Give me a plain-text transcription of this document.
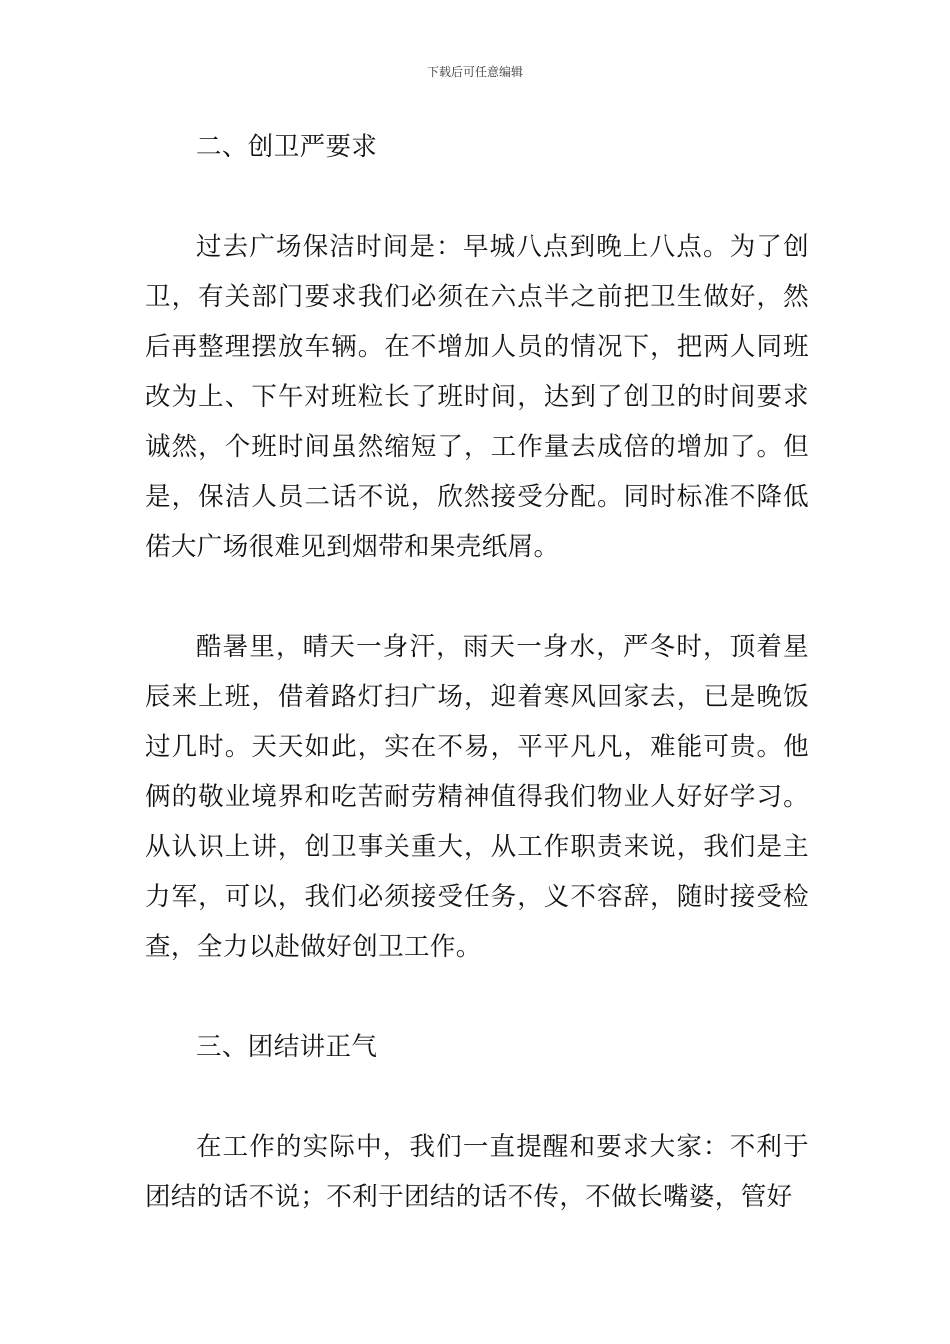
下载后可任意编辑

二、创卫严要求

过去广场保洁时间是：早城八点到晚上八点。为了创卫，有关部门要求我们必须在六点半之前把卫生做好，然后再整理摆放车辆。在不增加人员的情况下，把两人同班改为上、下午对班粒长了班时间，达到了创卫的时间要求诚然，个班时间虽然缩短了，工作量去成倍的增加了。但是，保洁人员二话不说，欣然接受分配。同时标准不降低偌大广场很难见到烟带和果壳纸屑。

酷暑里，晴天一身汗，雨天一身水，严冬时，顶着星辰来上班，借着路灯扫广场，迎着寒风回家去，已是晚饭过几时。天天如此，实在不易，平平凡凡，难能可贵。他俩的敬业境界和吃苦耐劳精神值得我们物业人好好学习。从认识上讲，创卫事关重大，从工作职责来说，我们是主力军，可以，我们必须接受任务，义不容辞，随时接受检查，全力以赴做好创卫工作。

三、团结讲正气

在工作的实际中，我们一直提醒和要求大家：不利于团结的话不说；不利于团结的话不传，不做长嘴婆，管好
